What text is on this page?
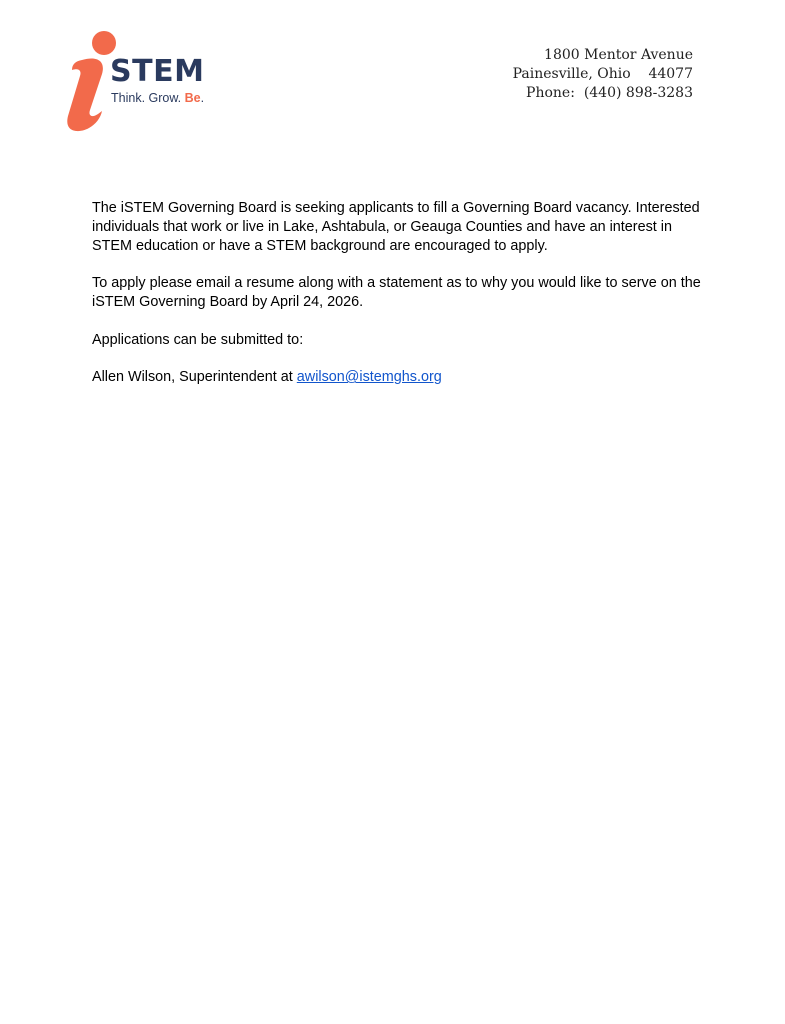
STEM
Think. Grow. Be.
1800 Mentor Avenue
Painesville, Ohio    44077
Phone:  (440) 898-3283

The iSTEM Governing Board is seeking applicants to fill a Governing Board vacancy. Interested individuals that work or live in Lake, Ashtabula, or Geauga Counties and have an interest in STEM education or have a STEM background are encouraged to apply.

To apply please email a resume along with a statement as to why you would like to serve on the iSTEM Governing Board by April 24, 2026.

Applications can be submitted to:

Allen Wilson, Superintendent at awilson@istemghs.org
